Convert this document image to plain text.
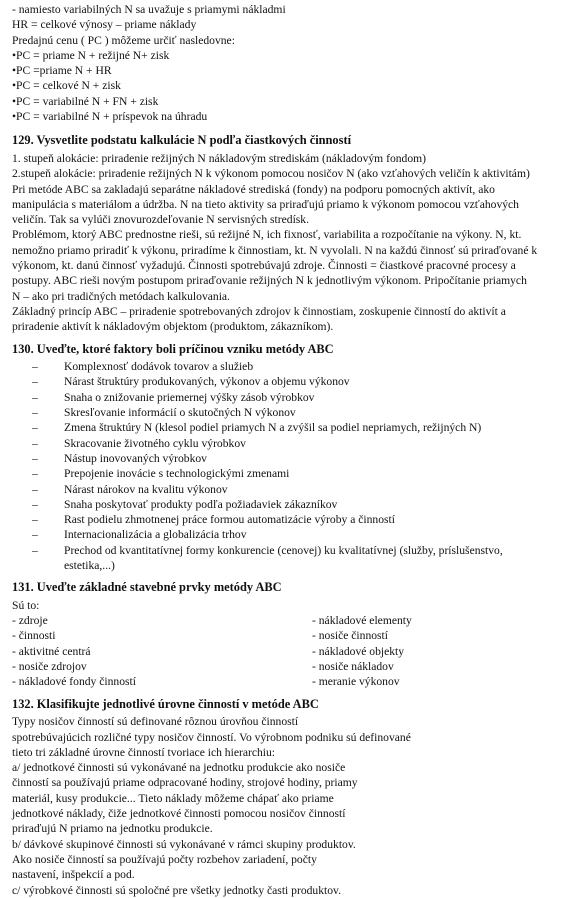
- namiesto variabilných N sa uvažuje s priamymi nákladmi

HR = celkové výnosy – priame náklady

Predajnú cenu ( PC ) môžeme určiť nasledovne:

•PC = priame N + režijné N+ zisk

•PC =priame N + HR

•PC = celkové N + zisk

•PC = variabilné N + FN + zisk

•PC = variabilné N + príspevok na úhradu

129. Vysvetlite podstatu kalkulácie N podľa čiastkových činností

1. stupeň alokácie: priradenie režijných N nákladovým strediskám (nákladovým fondom)

2.stupeň alokácie: priradenie režijných N k výkonom pomocou nosičov N (ako vzťahových veličín k aktivitám)

Pri metóde ABC sa zakladajú separátne nákladové strediská (fondy) na podporu pomocných aktivít, ako

manipulácia s materiálom a údržba. N na tieto aktivity sa priraďujú priamo k výkonom pomocou vzťahových

veličín. Tak sa vylúči znovurozdeľovanie N servisných stredísk.

Problémom, ktorý ABC prednostne rieši, sú režijné N, ich fixnosť, variabilita a rozpočítanie na výkony. N, kt.

nemožno priamo priradiť k výkonu, priradíme k činnostiam, kt. N vyvolali. N na každú činnosť sú priraďované k

výkonom, kt. danú činnosť vyžadujú. Činnosti spotrebúvajú zdroje. Činnosti = čiastkové pracovné procesy a

postupy. ABC rieši novým postupom priraďovanie režijných N k jednotlivým výkonom. Pripočítanie priamych

N – ako pri tradičných metódach kalkulovania.

Základný princíp ABC – priradenie spotrebovaných zdrojov k činnostiam, zoskupenie činností do aktivít a

priradenie aktivít k nákladovým objektom (produktom, zákazníkom).

130. Uveďte, ktoré faktory boli príčinou vzniku metódy ABC
– Komplexnosť dodávok tovarov a služieb
– Nárast štruktúry produkovaných, výkonov a objemu výkonov
– Snaha o znižovanie priemernej výšky zásob výrobkov
– Skresľovanie informácií o skutočných N výkonov
– Zmena štruktúry N (klesol podiel priamych N a zvýšil sa podiel nepriamych, režijných N)
– Skracovanie životného cyklu výrobkov
– Nástup inovovaných výrobkov
– Prepojenie inovácie s technologickými zmenami
– Nárast nárokov na kvalitu výkonov
– Snaha poskytovať produkty podľa požiadaviek zákazníkov
– Rast podielu zhmotnenej práce formou automatizácie výroby a činností
– Internacionalizácia a globalizácia trhov
– Prechod od kvantitatívnej formy konkurencie (cenovej) ku kvalitatívnej (služby, príslušenstvo,
estetika,...)
131. Uveďte základné stavebné prvky metódy ABC

Sú to:

- zdroje	- nákladové elementy
- činnosti	- nosiče činností
- aktivitné centrá	- nákladové objekty
- nosiče zdrojov	- nosiče nákladov
- nákladové fondy činností	- meranie výkonov
132. Klasifikujte jednotlivé úrovne činností v metóde ABC

Typy nosičov činností sú definované rôznou úrovňou činností

spotrebúvajúcich rozličné typy nosičov činností. Vo výrobnom podniku sú definované

tieto tri základné úrovne činností tvoriace ich hierarchiu:

a/ jednotkové činnosti sú vykonávané na jednotku produkcie ako nosiče

činností sa používajú priame odpracované hodiny, strojové hodiny, priamy

materiál, kusy produkcie... Tieto náklady môžeme chápať ako priame

jednotkové náklady, čiže jednotkové činnosti pomocou nosičov činností

priraďujú N priamo na jednotku produkcie.

b/ dávkové skupinové činnosti sú vykonávané v rámci skupiny produktov.

Ako nosiče činností sa používajú počty rozbehov zariadení, počty

nastavení, inšpekcií a pod.

c/ výrobkové činnosti sú spoločné pre všetky jednotky časti produktov.
